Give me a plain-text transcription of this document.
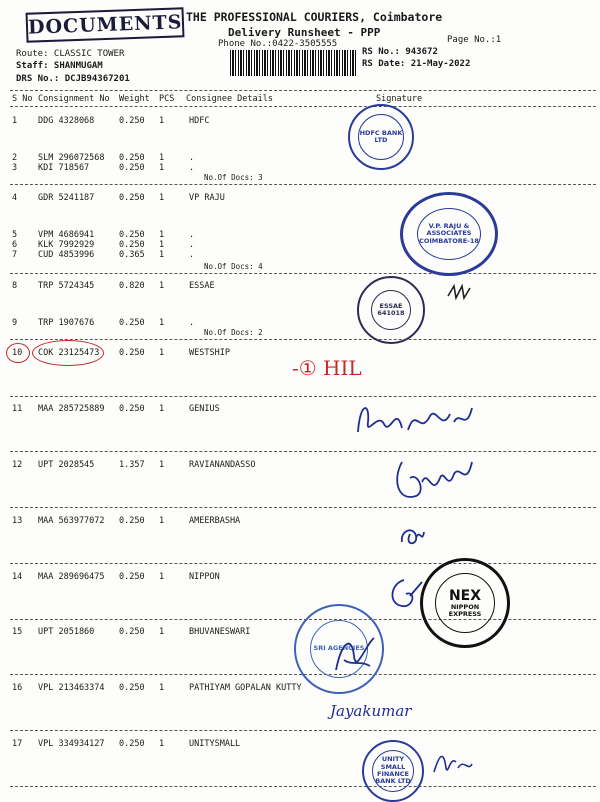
DOCUMENTS THE PROFESSIONAL COURIERS, Coimbatore
Delivery Runsheet - PPP
Phone No.:0422-3505555	Page No.:1
Route: CLASSIC TOWER
Staff: SHANMUGAM
DRS No.: DCJB94367201
RS No.: 943672
RS Date: 21-May-2022
S No Consignment No Weight PCS Consignee Details	Signature
1 DDG 4328068	0.250 1	HDFC
2 SLM 296072568 0.250 1	.
3 KDI 718567	0.250 1	.
No.Of Docs: 3
4 GDR 5241187	0.250 1	VP RAJU
5 VPM 4686941	0.250 1	.
6 KLK 7992929	0.250 1	.
7 CUD 4853996	0.365 1	.
No.Of Docs: 4
8 TRP 5724345	0.820 1	ESSAE
9 TRP 1907676	0.250 1	.
No.Of Docs: 2
10 COK 23125473 0.250 1	WESTSHIP
11 MAA 285725889 0.250 1	GENIUS
12 UPT 2028545	1.357 1	RAVIANANDASSO
13 MAA 563977072 0.250 1	AMEERBASHA
14 MAA 289696475 0.250 1	NIPPON
15 UPT 2051860	0.250 1	BHUVANESWARI
16 VPL 213463374 0.250 1	PATHIYAM GOPALAN KUTTY
17 VPL 334934127 0.250 1	UNITYSMALL
HDFC BANK LTD
V.P. RAJU & ASSOCIATES
COIMBATORE-18
ESSAE
641018
NEX
NIPPON EXPRESS
SRI AGENCIES
UNITY SMALL FINANCE BANK LTD
-① HIL
Jayakumar
